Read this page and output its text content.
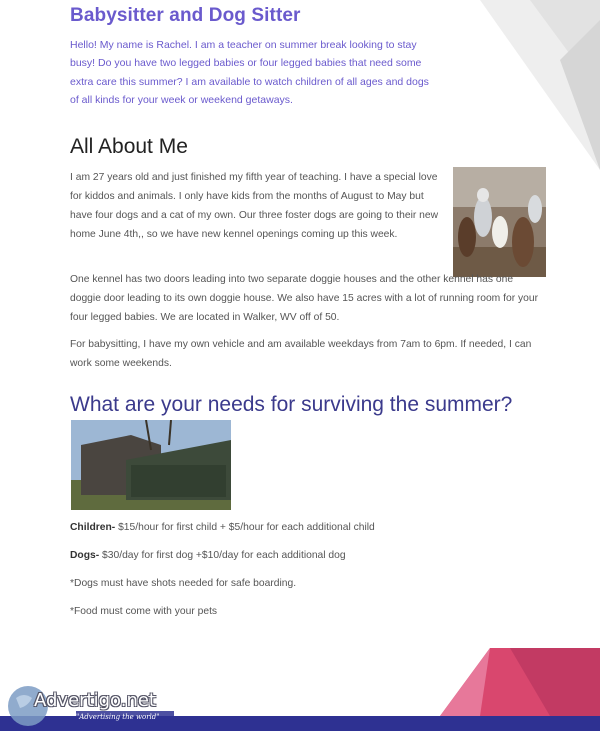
Babysitter and Dog Sitter

Hello! My name is Rachel. I am a teacher on summer break looking to stay busy! Do you have two legged babies or four legged babies that need some extra care this summer? I am available to watch children of all ages and dogs of all kinds for your week or weekend getaways.

All About Me

I am 27 years old and just finished my fifth year of teaching. I have a special love for kiddos and animals. I only have kids from the months of August to May but have four dogs and a cat of my own. Our three foster dogs are going to their new home June 4th,, so we have new kennel openings coming up this week.

One kennel has two doors leading into two separate doggie houses and the other kennel has one doggie door leading to its own doggie house. We also have 15 acres with a lot of running room for your four legged babies. We are located in Walker, WV off of 50.

For babysitting, I have my own vehicle and am available weekdays from 7am to 6pm. If needed, I can work some weekends.

What are your needs for surviving the summer?

Children- $15/hour for first child + $5/hour for each additional child

Dogs- $30/day for first dog +$10/day for each additional dog

*Dogs must have shots needed for safe boarding.

*Food must come with your pets

Advertigo.net

"Advertising the world"
